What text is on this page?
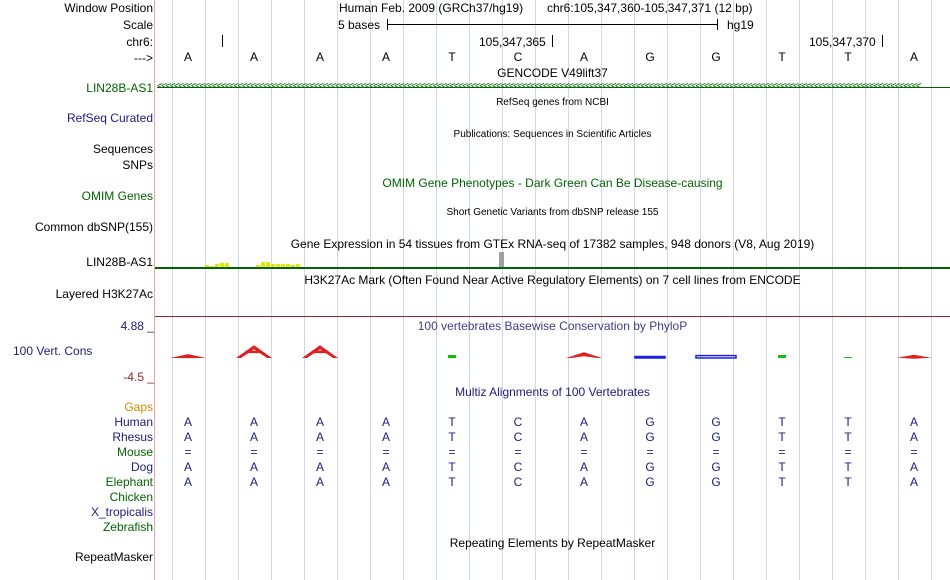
Window Position
Scale
chr6:
--->
Human Feb. 2009 (GRCh37/hg19) chr6:105,347,360-105,347,371 (12 bp)
5 bases	hg19
105,347,365	105,347,370
A	A	A	A	T	C	A	G	G	T	T	A
GENCODE V49lift37
LIN28B-AS1 <<<<<<<<<<<<<<<<<<<<<<<<<<<<<<<<<<<<<<<<<<<<<<<<<<<<<<<<<<<<<<<<<<<<<<<<<<<<<<<<<<<<<<<<<<<<<<<<<<<<<<<<<<<<<<<<<<<<<<<<<<<<<<<<<<<<<<<<<<<<<<<<<<<<<<<<<<<<<<<<<<<<<<<<<<<<<<<<<<<<
RefSeq genes from NCBI
RefSeq Curated
Publications: Sequences in Scientific Articles
Sequences
SNPs
OMIM Gene Phenotypes - Dark Green Can Be Disease-causing
OMIM Genes
Short Genetic Variants from dbSNP release 155
Common dbSNP(155)
Gene Expression in 54 tissues from GTEx RNA-seq of 17382 samples, 948 donors (V8, Aug 2019)
LIN28B-AS1
H3K27Ac Mark (Often Found Near Active Regulatory Elements) on 7 cell lines from ENCODE
Layered H3K27Ac
100 vertebrates Basewise Conservation by PhyloP
4.88 _
100 Vert. Cons
-4.5 _
Multiz Alignments of 100 Vertebrates
Gaps
Human	A	A	A	A	T	C	A	G	G	T	T	A
Rhesus	A	A	A	A	T	C	A	G	G	T	T	A
Mouse	=	=	=	=	=	=	=	=	=	=	=	=
Dog	A	A	A	A	T	C	A	G	G	T	T	A
Elephant	A	A	A	A	T	C	A	G	G	T	T	A
Chicken
X_tropicalis
Zebrafish
Repeating Elements by RepeatMasker
RepeatMasker
